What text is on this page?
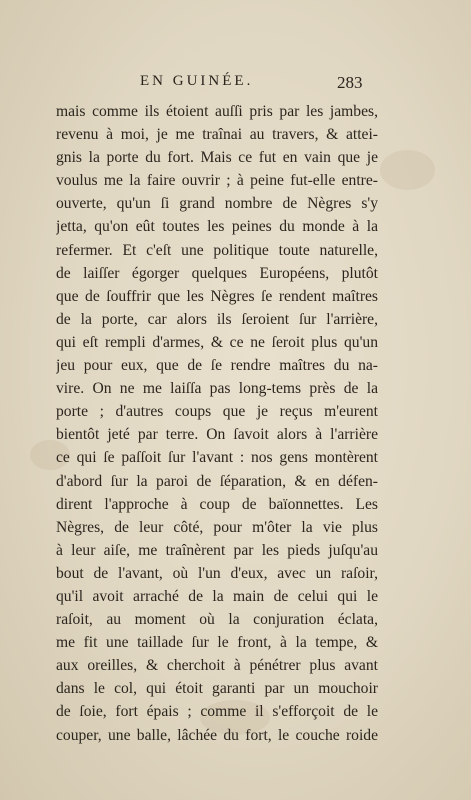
EN GUINÉE.	283
mais comme ils étoient auſſi pris par les jambes,
revenu à moi, je me traînai au travers, & attei-
gnis la porte du fort. Mais ce fut en vain que je
voulus me la faire ouvrir ; à peine fut-elle entre-
ouverte, qu'un ſi grand nombre de Nègres s'y
jetta, qu'on eût toutes les peines du monde à la
refermer. Et c'eſt une politique toute naturelle,
de laiſſer égorger quelques Européens, plutôt
que de ſouffrir que les Nègres ſe rendent maîtres
de la porte, car alors ils ſeroient ſur l'arrière,
qui eſt rempli d'armes, & ce ne ſeroit plus qu'un
jeu pour eux, que de ſe rendre maîtres du na-
vire. On ne me laiſſa pas long-tems près de la
porte ; d'autres coups que je reçus m'eurent
bientôt jeté par terre. On ſavoit alors à l'arrière
ce qui ſe paſſoit ſur l'avant : nos gens montèrent
d'abord ſur la paroi de ſéparation, & en défen-
dirent l'approche à coup de baïonnettes. Les
Nègres, de leur côté, pour m'ôter la vie plus
à leur aiſe, me traînèrent par les pieds juſqu'au
bout de l'avant, où l'un d'eux, avec un raſoir,
qu'il avoit arraché de la main de celui qui le
raſoit, au moment où la conjuration éclata,
me fit une taillade ſur le front, à la tempe, &
aux oreilles, & cherchoit à pénétrer plus avant
dans le col, qui étoit garanti par un mouchoir
de ſoie, fort épais ; comme il s'efforçoit de le
couper, une balle, lâchée du fort, le couche roide
